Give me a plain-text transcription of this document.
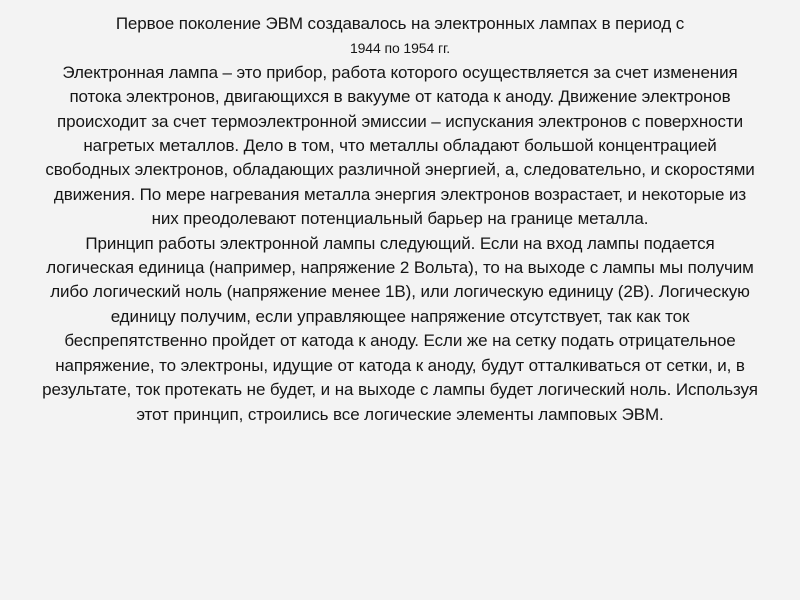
Первое поколение ЭВМ создавалось на электронных лампах в период с

1944 по 1954 гг.

Электронная лампа – это прибор, работа которого осуществляется за счет изменения потока электронов, двигающихся в вакууме от катода к аноду. Движение электронов происходит за счет термоэлектронной эмиссии – испускания электронов с поверхности нагретых металлов. Дело в том, что металлы обладают большой концентрацией свободных электронов, обладающих различной энергией, а, следовательно, и скоростями движения. По мере нагревания металла энергия электронов возрастает, и некоторые из них преодолевают потенциальный барьер на границе металла.

Принцип работы электронной лампы следующий. Если на вход лампы подается логическая единица (например, напряжение 2 Вольта), то на выходе с лампы мы получим либо логический ноль (напряжение менее 1В), или логическую единицу (2В). Логическую единицу получим, если управляющее напряжение отсутствует, так как ток беспрепятственно пройдет от катода к аноду. Если же на сетку подать отрицательное напряжение, то электроны, идущие от катода к аноду, будут отталкиваться от сетки, и, в результате, ток протекать не будет, и на выходе с лампы будет логический ноль. Используя этот принцип, строились все логические элементы ламповых ЭВМ.
